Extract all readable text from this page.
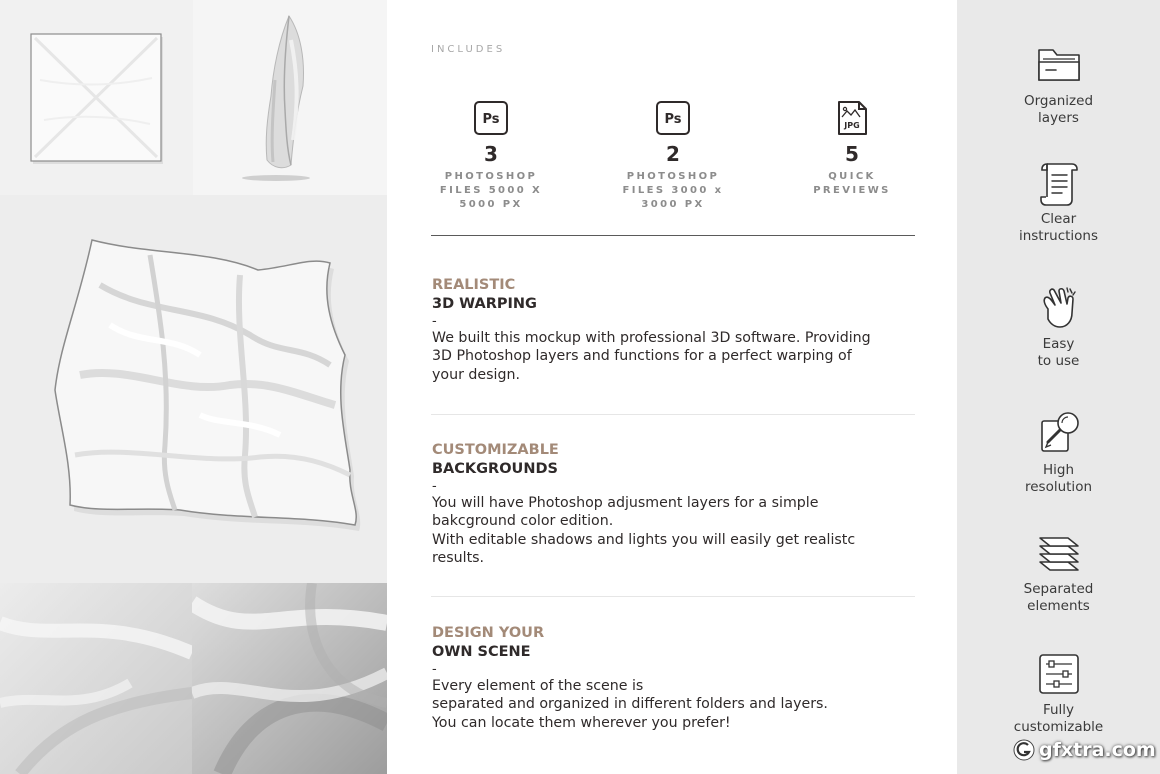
INCLUDES
Ps
3
PHOTOSHOP
FILES 5000 X
5000 PX
Ps
2
PHOTOSHOP
FILES 3000 x
3000 PX
JPG
5
QUICK
PREVIEWS
REALISTIC
3D WARPING
-
We built this mockup with professional 3D software. Providing
3D Photoshop layers and functions for a perfect warping of
your design.
CUSTOMIZABLE
BACKGROUNDS
-
You will have Photoshop adjusment layers for a simple
bakcground color edition.
With editable shadows and lights you will easily get realistc
results.
DESIGN YOUR
OWN SCENE
-
Every element of the scene is
separated and organized in different folders and layers.
You can locate them wherever you prefer!
Organized
layers
Clear
instructions
Easy
to use
High
resolution
Separated
elements
Fully
customizable
gfxtra.com
